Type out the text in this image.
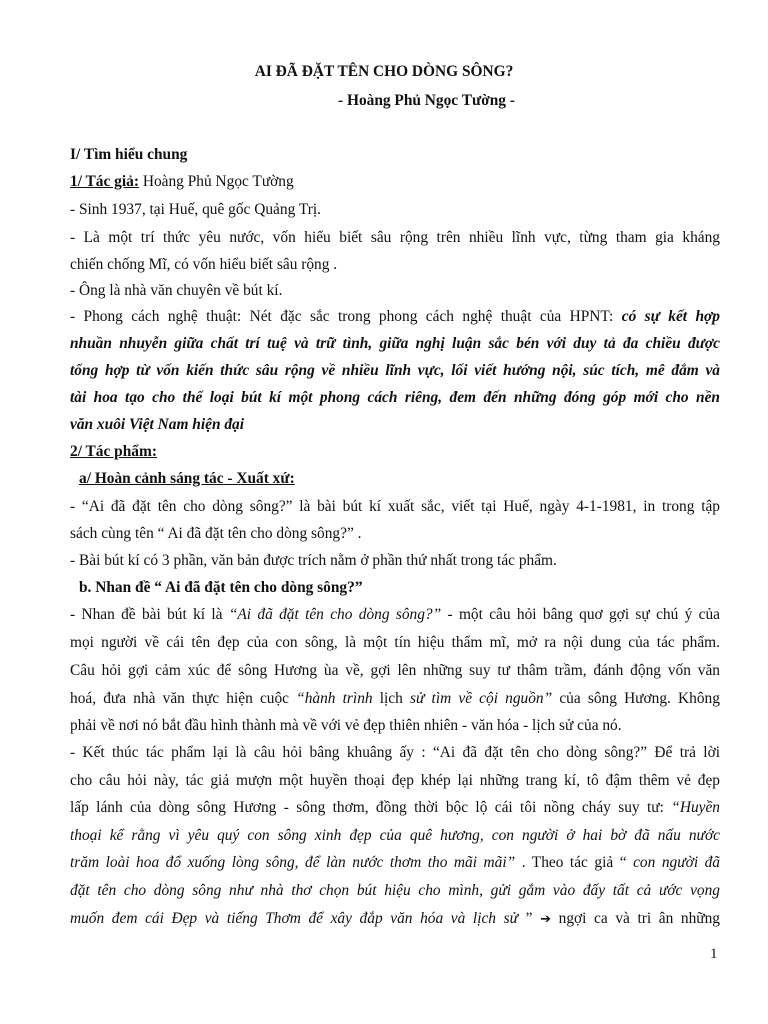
AI ĐÃ ĐẶT TÊN CHO DÒNG SÔNG?
- Hoàng Phủ Ngọc Tường -
I/ Tìm hiểu chung
1/ Tác giả: Hoàng Phủ Ngọc Tường
- Sinh 1937, tại Huế, quê gốc Quảng Trị.
- Là một trí thức yêu nước, vốn hiểu biết sâu rộng trên nhiều lĩnh vực, từng tham gia kháng
chiến chống Mĩ, có vốn hiểu biết sâu rộng .
- Ông là nhà văn chuyên về bút kí.
- Phong cách nghệ thuật: Nét đặc sắc trong phong cách nghệ thuật của HPNT: có sự kết hợp
nhuần nhuyễn giữa chất trí tuệ và trữ tình, giữa nghị luận sắc bén với duy tả đa chiều được
tổng hợp từ vốn kiến thức sâu rộng về nhiều lĩnh vực, lối viết hướng nội, súc tích, mê đắm và
tài hoa tạo cho thể loại bút kí một phong cách riêng, đem đến những đóng góp mới cho nền
văn xuôi Việt Nam hiện đại
2/ Tác phẩm:
a/ Hoàn cảnh sáng tác - Xuất xứ:
- “Ai đã đặt tên cho dòng sông?” là bài bút kí xuất sắc, viết tại Huế, ngày 4-1-1981, in trong tập
sách cùng tên “ Ai đã đặt tên cho dòng sông?” .
- Bài bút kí có 3 phần, văn bản được trích nằm ở phần thứ nhất trong tác phẩm.
b. Nhan đề “ Ai đã đặt tên cho dòng sông?”
- Nhan đề bài bút kí là “Ai đã đặt tên cho dòng sông?” - một câu hỏi bâng quơ gợi sự chú ý của
mọi người về cái tên đẹp của con sông, là một tín hiệu thẩm mĩ, mở ra nội dung của tác phẩm.
Câu hỏi gợi cảm xúc để sông Hương ùa về, gợi lên những suy tư thâm trầm, đánh động vốn văn
hoá, đưa nhà văn thực hiện cuộc “hành trình lịch sử tìm về cội nguồn” của sông Hương. Không
phải về nơi nó bắt đầu hình thành mà về với vẻ đẹp thiên nhiên - văn hóa - lịch sử của nó.
- Kết thúc tác phẩm lại là câu hỏi bâng khuâng ấy : “Ai đã đặt tên cho dòng sông?” Để trả lời
cho câu hỏi này, tác giả mượn một huyền thoại đẹp khép lại những trang kí, tô đậm thêm vẻ đẹp
lấp lánh của dòng sông Hương - sông thơm, đồng thời bộc lộ cái tôi nồng cháy suy tư: “Huyền
thoại kể rằng vì yêu quý con sông xinh đẹp của quê hương, con người ở hai bờ đã nấu nước
trăm loài hoa đổ xuống lòng sông, để làn nước thơm tho mãi mãi” . Theo tác giả “ con người đã
đặt tên cho dòng sông như nhà thơ chọn bút hiệu cho mình, gửi gắm vào đấy tất cả ước vọng
muốn đem cái Đẹp và tiếng Thơm để xây đắp văn hóa và lịch sử ” ➔ ngợi ca và tri ân những
1
